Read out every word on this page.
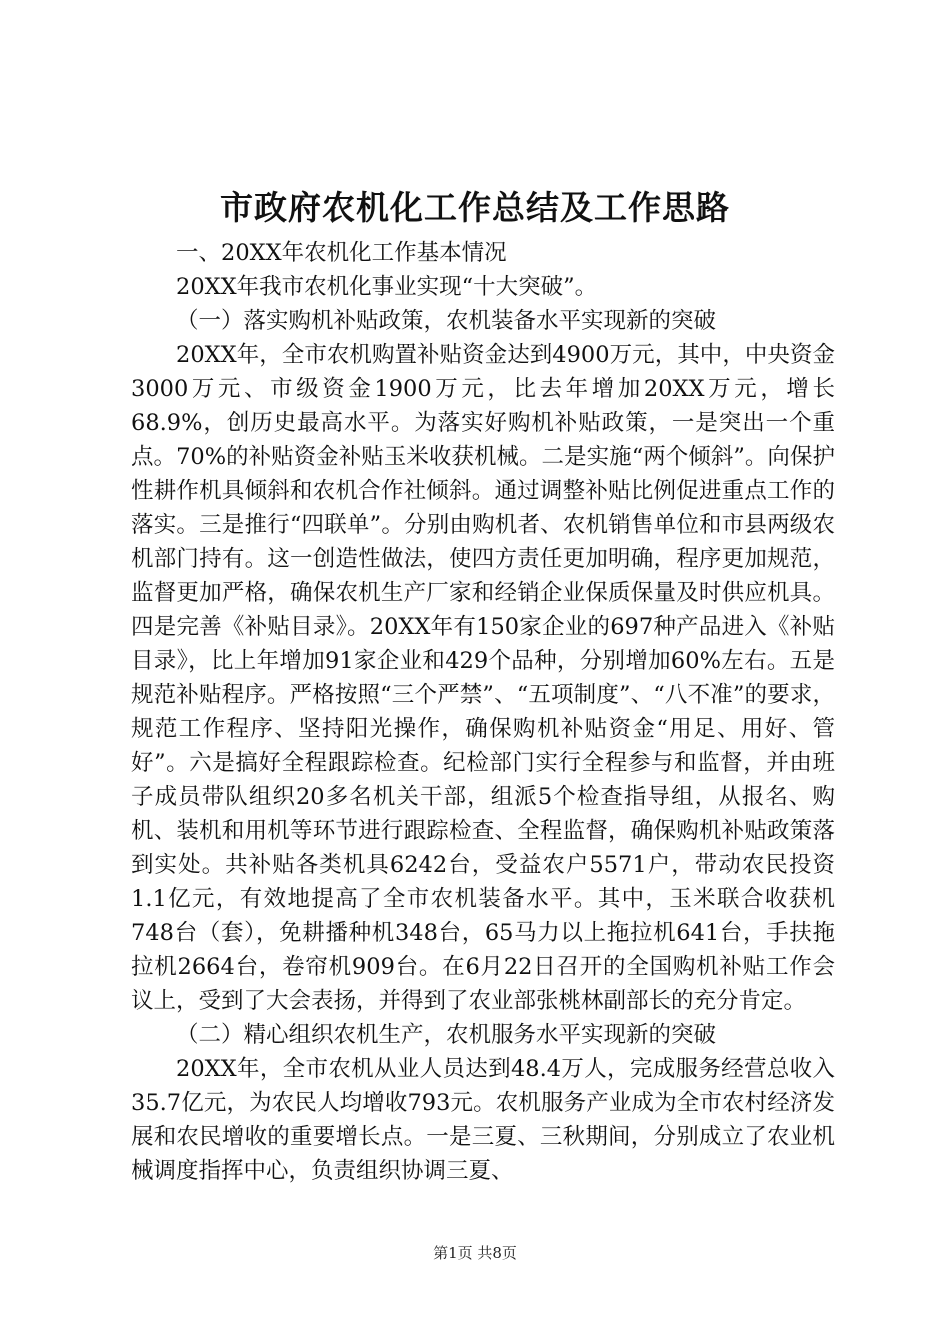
市政府农机化工作总结及工作思路

一、20XX年农机化工作基本情况

20XX年我市农机化事业实现“十大突破”。

（一）落实购机补贴政策，农机装备水平实现新的突破

20XX年，全市农机购置补贴资金达到4900万元，其中，中央资金3000万元、市级资金1900万元，比去年增加20XX万元，增长68.9%，创历史最高水平。为落实好购机补贴政策，一是突出一个重点。70%的补贴资金补贴玉米收获机械。二是实施“两个倾斜”。向保护性耕作机具倾斜和农机合作社倾斜。通过调整补贴比例促进重点工作的落实。三是推行“四联单”。分别由购机者、农机销售单位和市县两级农机部门持有。这一创造性做法，使四方责任更加明确，程序更加规范，监督更加严格，确保农机生产厂家和经销企业保质保量及时供应机具。四是完善《补贴目录》。20XX年有150家企业的697种产品进入《补贴目录》，比上年增加91家企业和429个品种，分别增加60%左右。五是规范补贴程序。严格按照“三个严禁”、“五项制度”、“八不准”的要求，规范工作程序、坚持阳光操作，确保购机补贴资金“用足、用好、管好”。六是搞好全程跟踪检查。纪检部门实行全程参与和监督，并由班子成员带队组织20多名机关干部，组派5个检查指导组，从报名、购机、装机和用机等环节进行跟踪检查、全程监督，确保购机补贴政策落到实处。共补贴各类机具6242台，受益农户5571户，带动农民投资1.1亿元，有效地提高了全市农机装备水平。其中，玉米联合收获机748台（套），免耕播种机348台，65马力以上拖拉机641台，手扶拖拉机2664台，卷帘机909台。在6月22日召开的全国购机补贴工作会议上，受到了大会表扬，并得到了农业部张桃林副部长的充分肯定。

（二）精心组织农机生产，农机服务水平实现新的突破

20XX年，全市农机从业人员达到48.4万人，完成服务经营总收入35.7亿元，为农民人均增收793元。农机服务产业成为全市农村经济发展和农民增收的重要增长点。一是三夏、三秋期间，分别成立了农业机械调度指挥中心，负责组织协调三夏、

第1页 共8页
